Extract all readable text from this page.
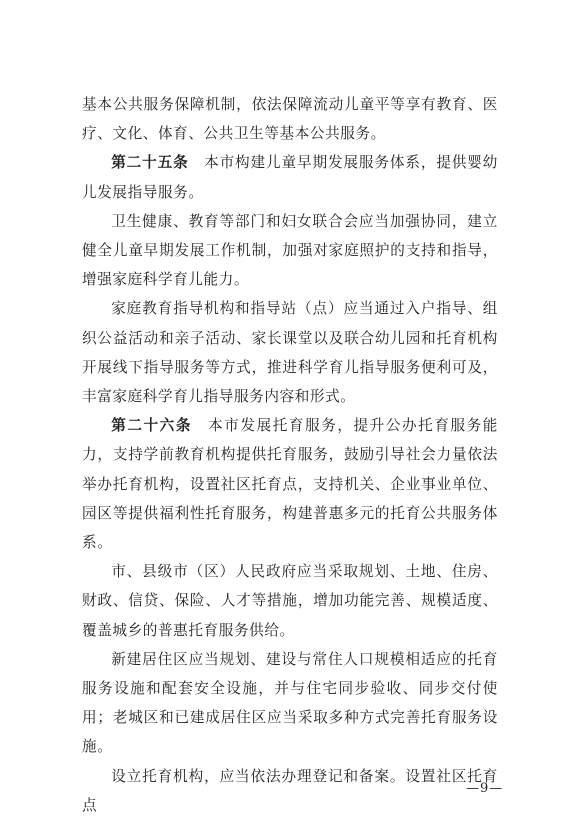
基本公共服务保障机制，依法保障流动儿童平等享有教育、医疗、文化、体育、公共卫生等基本公共服务。

第二十五条　本市构建儿童早期发展服务体系，提供婴幼儿发展指导服务。

卫生健康、教育等部门和妇女联合会应当加强协同，建立健全儿童早期发展工作机制，加强对家庭照护的支持和指导，增强家庭科学育儿能力。

家庭教育指导机构和指导站（点）应当通过入户指导、组织公益活动和亲子活动、家长课堂以及联合幼儿园和托育机构开展线下指导服务等方式，推进科学育儿指导服务便利可及，丰富家庭科学育儿指导服务内容和形式。

第二十六条　本市发展托育服务，提升公办托育服务能力，支持学前教育机构提供托育服务，鼓励引导社会力量依法举办托育机构，设置社区托育点，支持机关、企业事业单位、园区等提供福利性托育服务，构建普惠多元的托育公共服务体系。

市、县级市（区）人民政府应当采取规划、土地、住房、财政、信贷、保险、人才等措施，增加功能完善、规模适度、覆盖城乡的普惠托育服务供给。

新建居住区应当规划、建设与常住人口规模相适应的托育服务设施和配套安全设施，并与住宅同步验收、同步交付使用；老城区和已建成居住区应当采取多种方式完善托育服务设施。

设立托育机构，应当依法办理登记和备案。设置社区托育点

—9—
